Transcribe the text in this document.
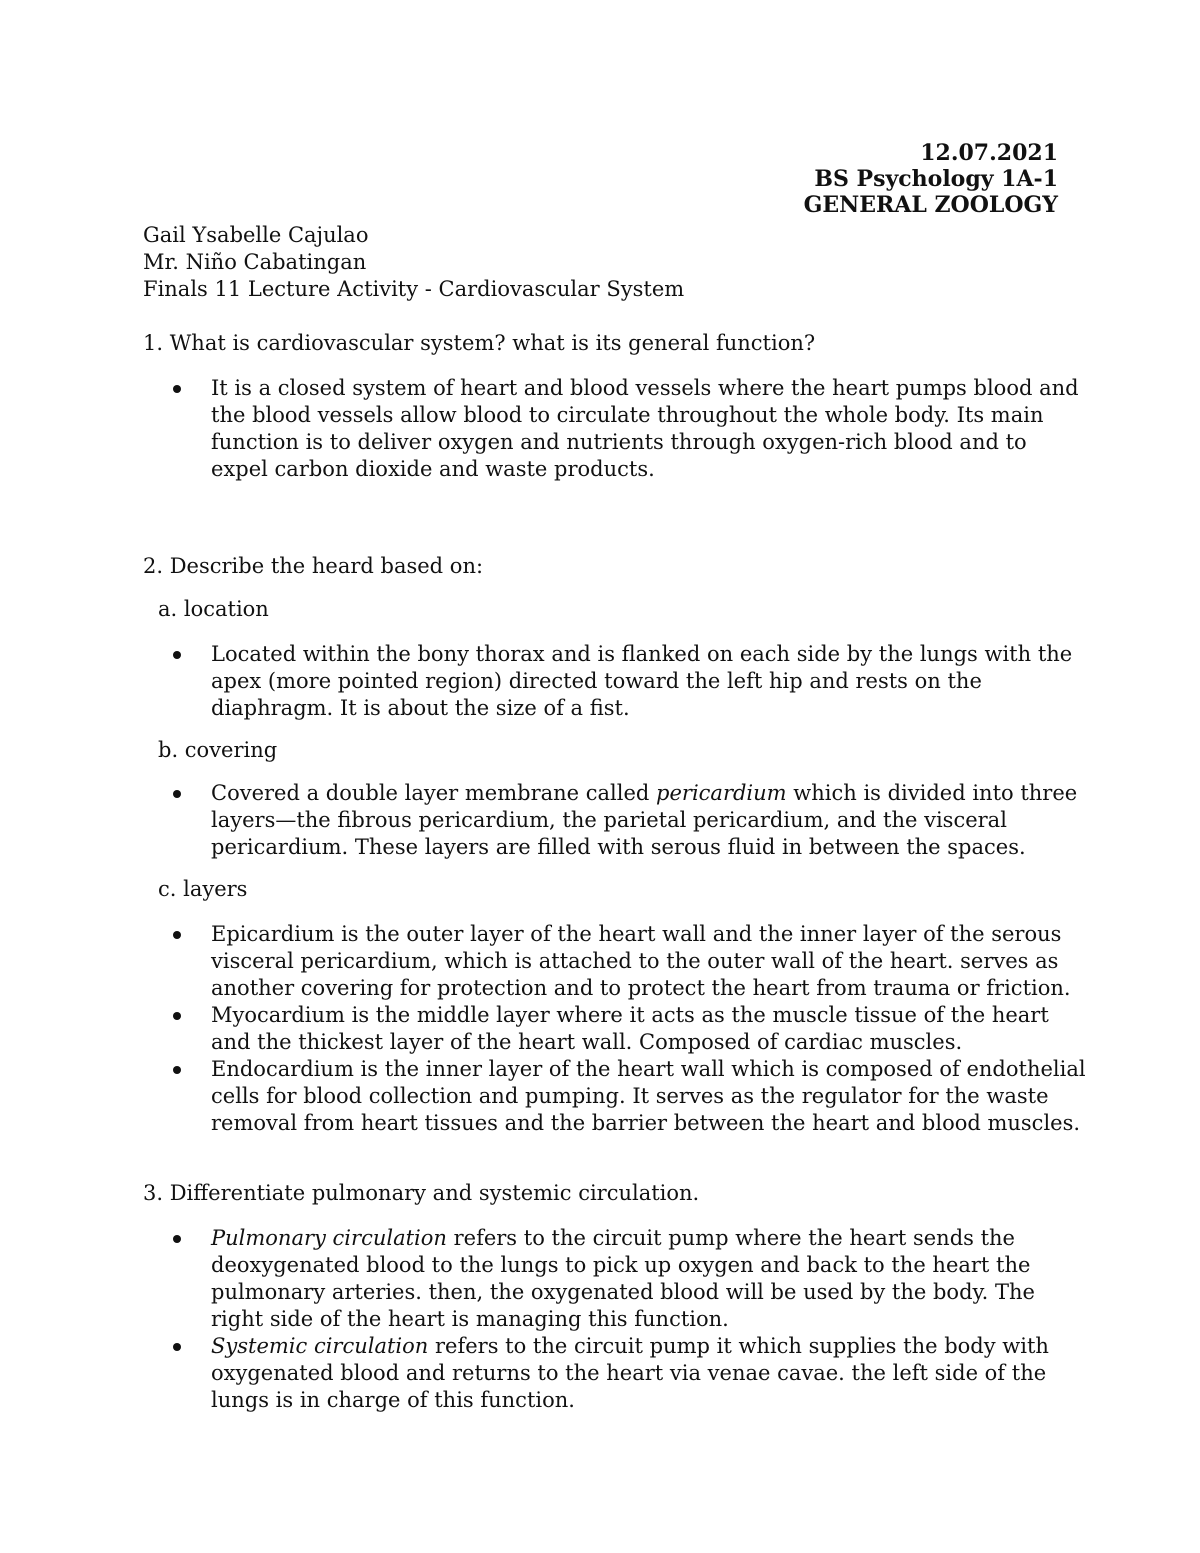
12.07.2021
BS Psychology 1A-1
GENERAL ZOOLOGY
Gail Ysabelle Cajulao
Mr. Niño Cabatingan
Finals 11 Lecture Activity - Cardiovascular System
1. What is cardiovascular system? what is its general function?
It is a closed system of heart and blood vessels where the heart pumps blood and
the blood vessels allow blood to circulate throughout the whole body. Its main
function is to deliver oxygen and nutrients through oxygen-rich blood and to
expel carbon dioxide and waste products.
2. Describe the heard based on:
a. location
Located within the bony thorax and is flanked on each side by the lungs with the
apex (more pointed region) directed toward the left hip and rests on the
diaphragm. It is about the size of a fist.
b. covering
Covered a double layer membrane called pericardium which is divided into three
layers—the fibrous pericardium, the parietal pericardium, and the visceral
pericardium. These layers are filled with serous fluid in between the spaces.
c. layers
Epicardium is the outer layer of the heart wall and the inner layer of the serous
visceral pericardium, which is attached to the outer wall of the heart. serves as
another covering for protection and to protect the heart from trauma or friction.
Myocardium is the middle layer where it acts as the muscle tissue of the heart
and the thickest layer of the heart wall. Composed of cardiac muscles.
Endocardium is the inner layer of the heart wall which is composed of endothelial
cells for blood collection and pumping. It serves as the regulator for the waste
removal from heart tissues and the barrier between the heart and blood muscles.
3. Differentiate pulmonary and systemic circulation.
Pulmonary circulation refers to the circuit pump where the heart sends the
deoxygenated blood to the lungs to pick up oxygen and back to the heart the
pulmonary arteries. then, the oxygenated blood will be used by the body. The
right side of the heart is managing this function.
Systemic circulation refers to the circuit pump it which supplies the body with
oxygenated blood and returns to the heart via venae cavae. the left side of the
lungs is in charge of this function.
